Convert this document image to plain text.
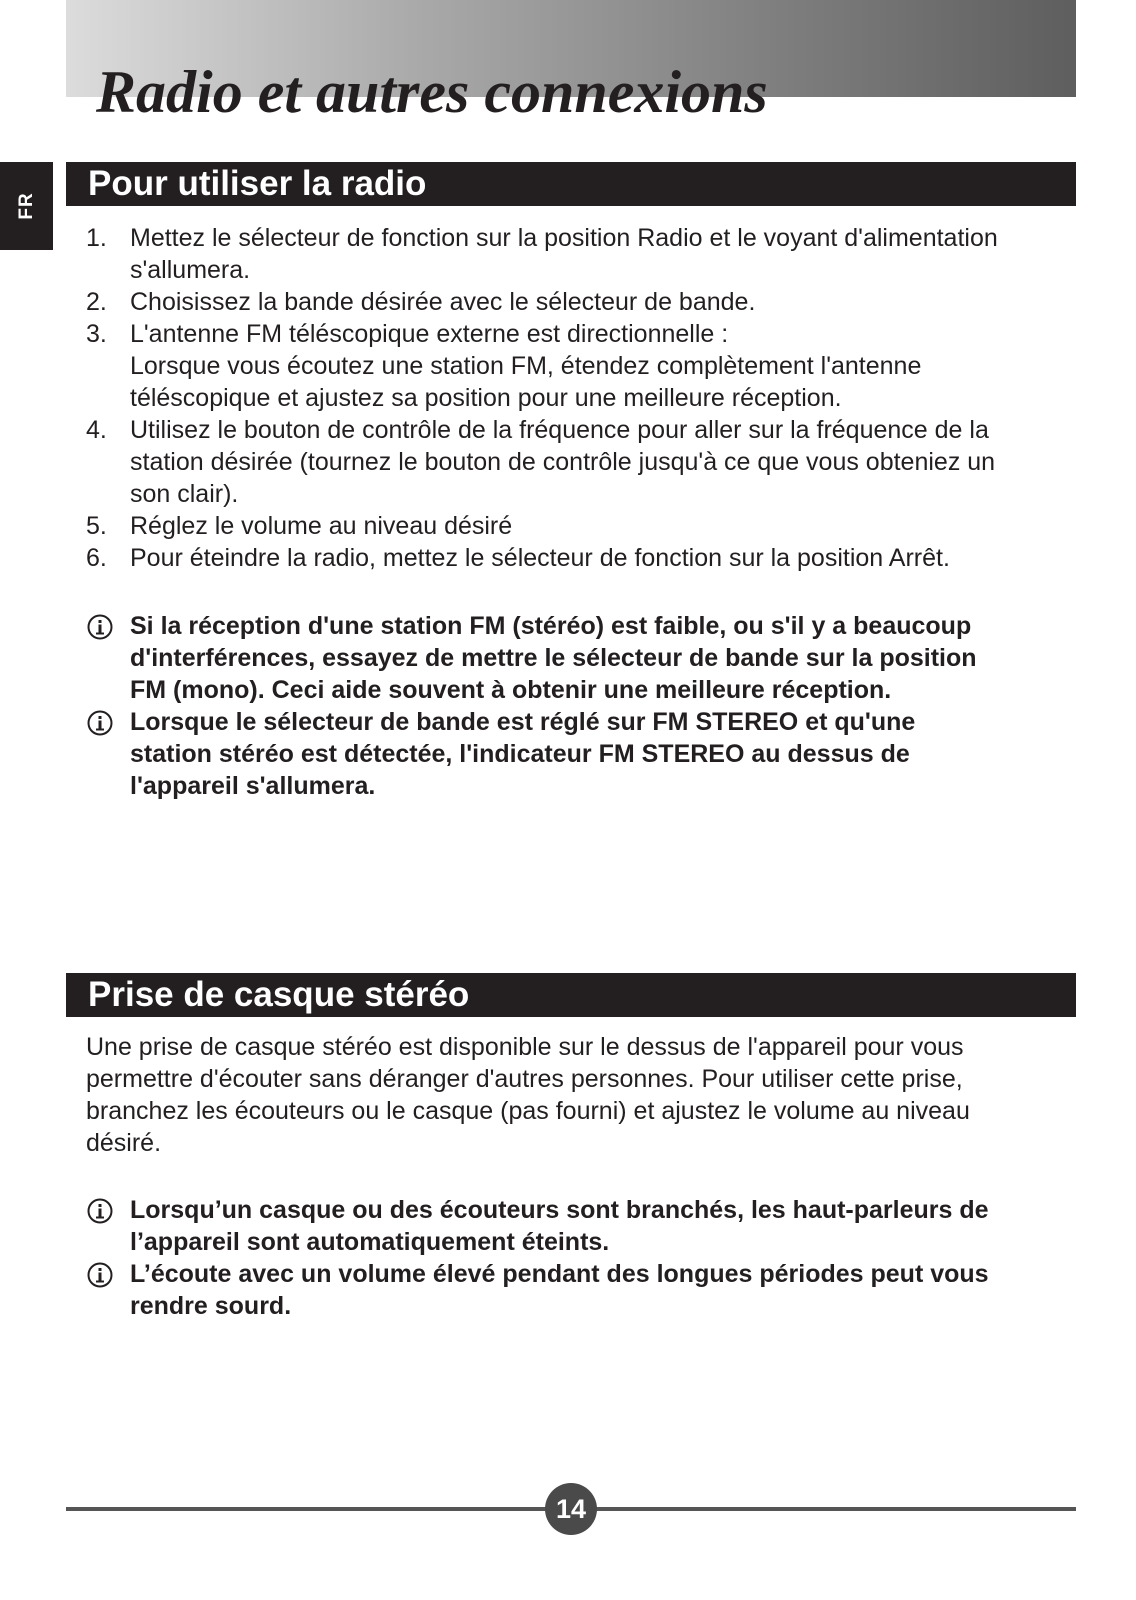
Radio et autres connexions
FR
Pour utiliser la radio
1. Mettez le sélecteur de fonction sur la position Radio et le voyant d'alimentation
s'allumera.
2. Choisissez la bande désirée avec le sélecteur de bande.
3. L'antenne FM téléscopique externe est directionnelle :
Lorsque vous écoutez une station FM, étendez complètement l'antenne
téléscopique et ajustez sa position pour une meilleure réception.
4. Utilisez le bouton de contrôle de la fréquence pour aller sur la fréquence de la
station désirée (tournez le bouton de contrôle jusqu'à ce que vous obteniez un
son clair).
5. Réglez le volume au niveau désiré
6. Pour éteindre la radio, mettez le sélecteur de fonction sur la position Arrêt.
Si la réception d'une station FM (stéréo) est faible, ou s'il y a beaucoup
d'interférences, essayez de mettre le sélecteur de bande sur la position
FM (mono). Ceci aide souvent à obtenir une meilleure réception.
Lorsque le sélecteur de bande est réglé sur FM STEREO et qu'une
station stéréo est détectée, l'indicateur FM STEREO au dessus de
l'appareil s'allumera.
Prise de casque stéréo

Une prise de casque stéréo est disponible sur le dessus de l'appareil pour vous
permettre d'écouter sans déranger d'autres personnes. Pour utiliser cette prise,
branchez les écouteurs ou le casque (pas fourni) et ajustez le volume au niveau
désiré.

Lorsqu’un casque ou des écouteurs sont branchés, les haut-parleurs de
l’appareil sont automatiquement éteints.
L’écoute avec un volume élevé pendant des longues périodes peut vous
rendre sourd.
14
